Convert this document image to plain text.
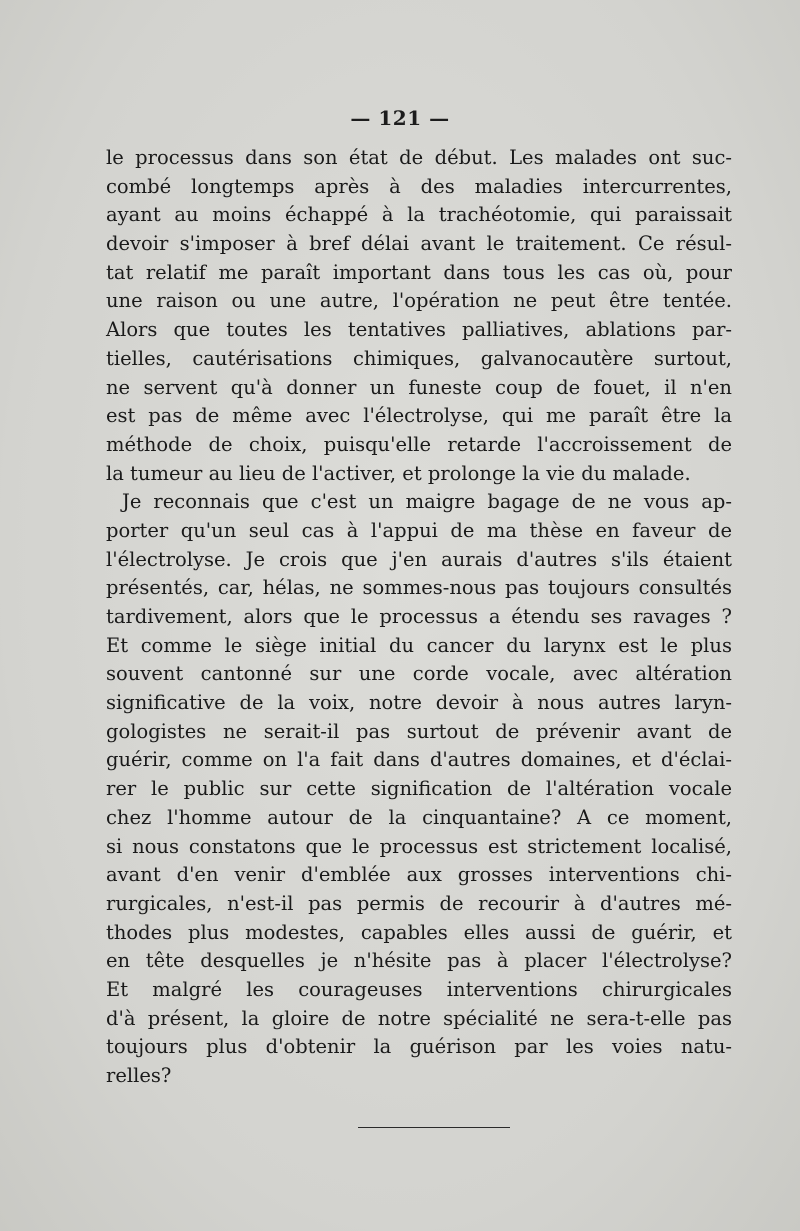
— 121 —
le processus dans son état de début. Les malades ont suc-
combé longtemps après à des maladies intercurrentes,
ayant au moins échappé à la trachéotomie, qui paraissait
devoir s'imposer à bref délai avant le traitement. Ce résul-
tat relatif me paraît important dans tous les cas où, pour
une raison ou une autre, l'opération ne peut être tentée.
Alors que toutes les tentatives palliatives, ablations par-
tielles, cautérisations chimiques, galvanocautère surtout,
ne servent qu'à donner un funeste coup de fouet, il n'en
est pas de même avec l'électrolyse, qui me paraît être la
méthode de choix, puisqu'elle retarde l'accroissement de
la tumeur au lieu de l'activer, et prolonge la vie du malade.
Je reconnais que c'est un maigre bagage de ne vous ap-
porter qu'un seul cas à l'appui de ma thèse en faveur de
l'électrolyse. Je crois que j'en aurais d'autres s'ils étaient
présentés, car, hélas, ne sommes-nous pas toujours consultés
tardivement, alors que le processus a étendu ses ravages ?
Et comme le siège initial du cancer du larynx est le plus
souvent cantonné sur une corde vocale, avec altération
significative de la voix, notre devoir à nous autres laryn-
gologistes ne serait-il pas surtout de prévenir avant de
guérir, comme on l'a fait dans d'autres domaines, et d'éclai-
rer le public sur cette signification de l'altération vocale
chez l'homme autour de la cinquantaine? A ce moment,
si nous constatons que le processus est strictement localisé,
avant d'en venir d'emblée aux grosses interventions chi-
rurgicales, n'est-il pas permis de recourir à d'autres mé-
thodes plus modestes, capables elles aussi de guérir, et
en tête desquelles je n'hésite pas à placer l'électrolyse?
Et malgré les courageuses interventions chirurgicales
d'à présent, la gloire de notre spécialité ne sera-t-elle pas
toujours plus d'obtenir la guérison par les voies natu-
relles?
